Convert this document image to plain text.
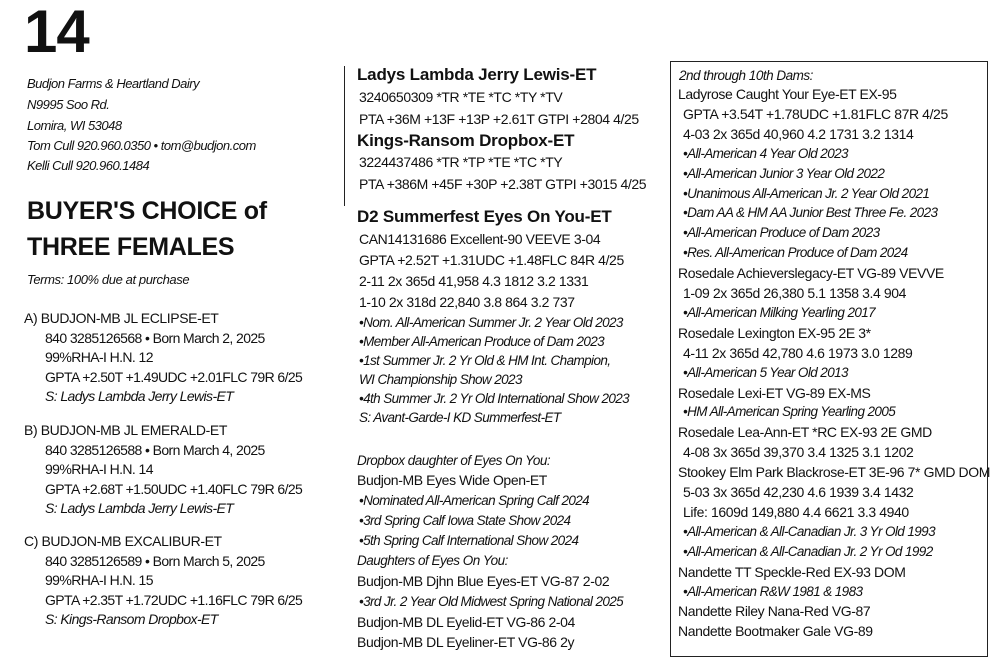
14
Budjon Farms & Heartland Dairy
N9995 Soo Rd.
Lomira, WI 53048
Tom Cull 920.960.0350 • tom@budjon.com
Kelli Cull 920.960.1484
BUYER'S CHOICE of
THREE FEMALES
Terms: 100% due at purchase
A) BUDJON-MB JL ECLIPSE-ET
840 3285126568 • Born March 2, 2025
99%RHA-I H.N. 12
GPTA +2.50T +1.49UDC +2.01FLC 79R 6/25
S: Ladys Lambda Jerry Lewis-ET
B) BUDJON-MB JL EMERALD-ET
840 3285126588 • Born March 4, 2025
99%RHA-I H.N. 14
GPTA +2.68T +1.50UDC +1.40FLC 79R 6/25
S: Ladys Lambda Jerry Lewis-ET
C) BUDJON-MB EXCALIBUR-ET
840 3285126589 • Born March 5, 2025
99%RHA-I H.N. 15
GPTA +2.35T +1.72UDC +1.16FLC 79R 6/25
S: Kings-Ransom Dropbox-ET
Ladys Lambda Jerry Lewis-ET
3240650309 *TR *TE *TC *TY *TV
PTA +36M +13F +13P +2.61T GTPI +2804 4/25
Kings-Ransom Dropbox-ET
3224437486 *TR *TP *TE *TC *TY
PTA +386M +45F +30P +2.38T GTPI +3015 4/25
D2 Summerfest Eyes On You-ET
CAN14131686 Excellent-90 VEEVE 3-04
GPTA +2.52T +1.31UDC +1.48FLC 84R 4/25
2-11 2x 365d 41,958 4.3 1812 3.2 1331
1-10 2x 318d 22,840 3.8 864 3.2 737
•Nom. All-American Summer Jr. 2 Year Old 2023
•Member All-American Produce of Dam 2023
•1st Summer Jr. 2 Yr Old & HM Int. Champion,
WI Championship Show 2023
•4th Summer Jr. 2 Yr Old International Show 2023
S: Avant-Garde-I KD Summerfest-ET
Dropbox daughter of Eyes On You:
Budjon-MB Eyes Wide Open-ET
•Nominated All-American Spring Calf 2024
•3rd Spring Calf Iowa State Show 2024
•5th Spring Calf International Show 2024
Daughters of Eyes On You:
Budjon-MB Djhn Blue Eyes-ET VG-87 2-02
•3rd Jr. 2 Year Old Midwest Spring National 2025
Budjon-MB DL Eyelid-ET VG-86 2-04
Budjon-MB DL Eyeliner-ET VG-86 2y
2nd through 10th Dams:
Ladyrose Caught Your Eye-ET EX-95
GPTA +3.54T +1.78UDC +1.81FLC 87R 4/25
4-03 2x 365d 40,960 4.2 1731 3.2 1314
•All-American 4 Year Old 2023
•All-American Junior 3 Year Old 2022
•Unanimous All-American Jr. 2 Year Old 2021
•Dam AA & HM AA Junior Best Three Fe. 2023
•All-American Produce of Dam 2023
•Res. All-American Produce of Dam 2024
Rosedale Achieverslegacy-ET VG-89 VEVVE
1-09 2x 365d 26,380 5.1 1358 3.4 904
•All-American Milking Yearling 2017
Rosedale Lexington EX-95 2E 3*
4-11 2x 365d 42,780 4.6 1973 3.0 1289
•All-American 5 Year Old 2013
Rosedale Lexi-ET VG-89 EX-MS
•HM All-American Spring Yearling 2005
Rosedale Lea-Ann-ET *RC EX-93 2E GMD
4-08 3x 365d 39,370 3.4 1325 3.1 1202
Stookey Elm Park Blackrose-ET 3E-96 7* GMD DOM
5-03 3x 365d 42,230 4.6 1939 3.4 1432
Life: 1609d 149,880 4.4 6621 3.3 4940
•All-American & All-Canadian Jr. 3 Yr Old 1993
•All-American & All-Canadian Jr. 2 Yr Od 1992
Nandette TT Speckle-Red EX-93 DOM
•All-American R&W 1981 & 1983
Nandette Riley Nana-Red VG-87
Nandette Bootmaker Gale VG-89
